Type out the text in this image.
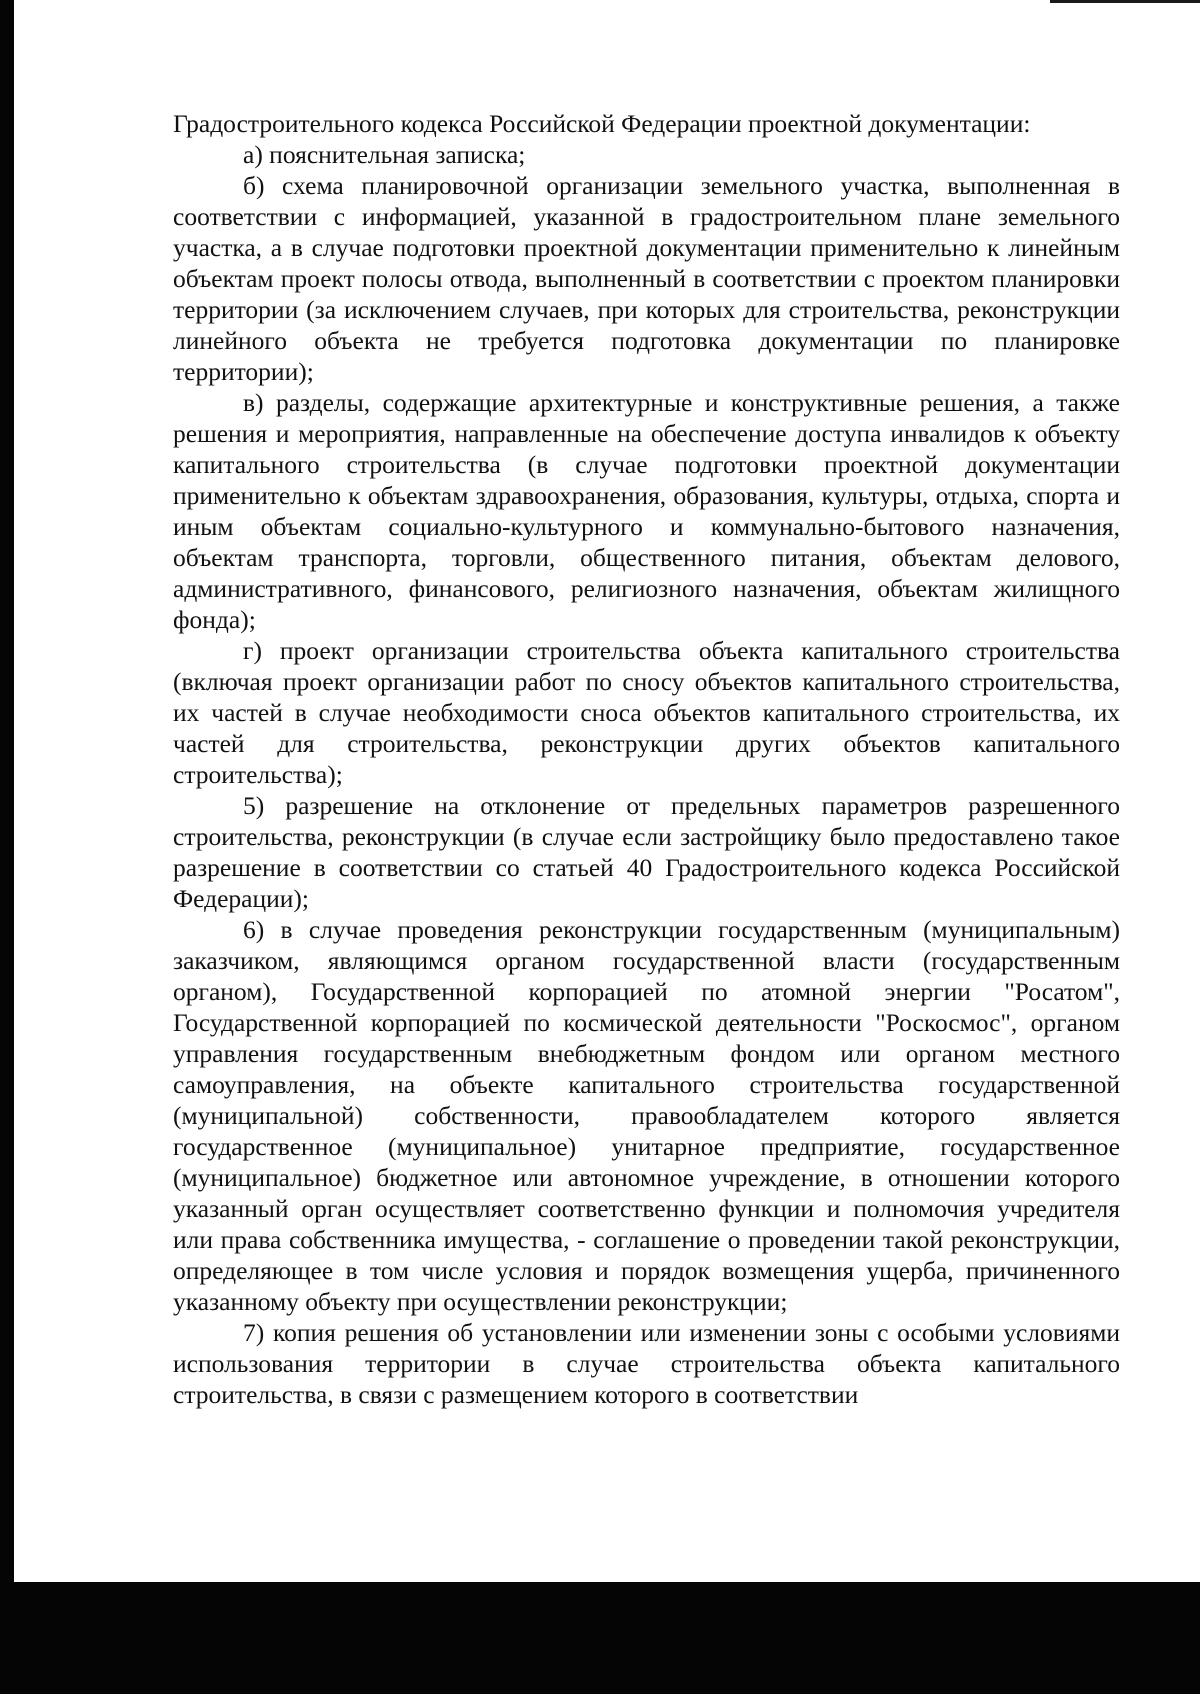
Градостроительного кодекса Российской Федерации проектной документации:

а) пояснительная записка;

б) схема планировочной организации земельного участка, выполненная в соответствии с информацией, указанной в градостроительном плане земельного участка, а в случае подготовки проектной документации применительно к линейным объектам проект полосы отвода, выполненный в соответствии с проектом планировки территории (за исключением случаев, при которых для строительства, реконструкции линейного объекта не требуется подготовка документации по планировке территории);

в) разделы, содержащие архитектурные и конструктивные решения, а также решения и мероприятия, направленные на обеспечение доступа инвалидов к объекту капитального строительства (в случае подготовки проектной документации применительно к объектам здравоохранения, образования, культуры, отдыха, спорта и иным объектам социально-культурного и коммунально-бытового назначения, объектам транспорта, торговли, общественного питания, объектам делового, административного, финансового, религиозного назначения, объектам жилищного фонда);

г) проект организации строительства объекта капитального строительства (включая проект организации работ по сносу объектов капитального строительства, их частей в случае необходимости сноса объектов капитального строительства, их частей для строительства, реконструкции других объектов капитального строительства);

5) разрешение на отклонение от предельных параметров разрешенного строительства, реконструкции (в случае если застройщику было предоставлено такое разрешение в соответствии со статьей 40 Градостроительного кодекса Российской Федерации);

6) в случае проведения реконструкции государственным (муниципальным) заказчиком, являющимся органом государственной власти (государственным органом), Государственной корпорацией по атомной энергии "Росатом", Государственной корпорацией по космической деятельности "Роскосмос", органом управления государственным внебюджетным фондом или органом местного самоуправления, на объекте капитального строительства государственной (муниципальной) собственности, правообладателем которого является государственное (муниципальное) унитарное предприятие, государственное (муниципальное) бюджетное или автономное учреждение, в отношении которого указанный орган осуществляет соответственно функции и полномочия учредителя или права собственника имущества, - соглашение о проведении такой реконструкции, определяющее в том числе условия и порядок возмещения ущерба, причиненного указанному объекту при осуществлении реконструкции;

7) копия решения об установлении или изменении зоны с особыми условиями использования территории в случае строительства объекта капитального строительства, в связи с размещением которого в соответствии
